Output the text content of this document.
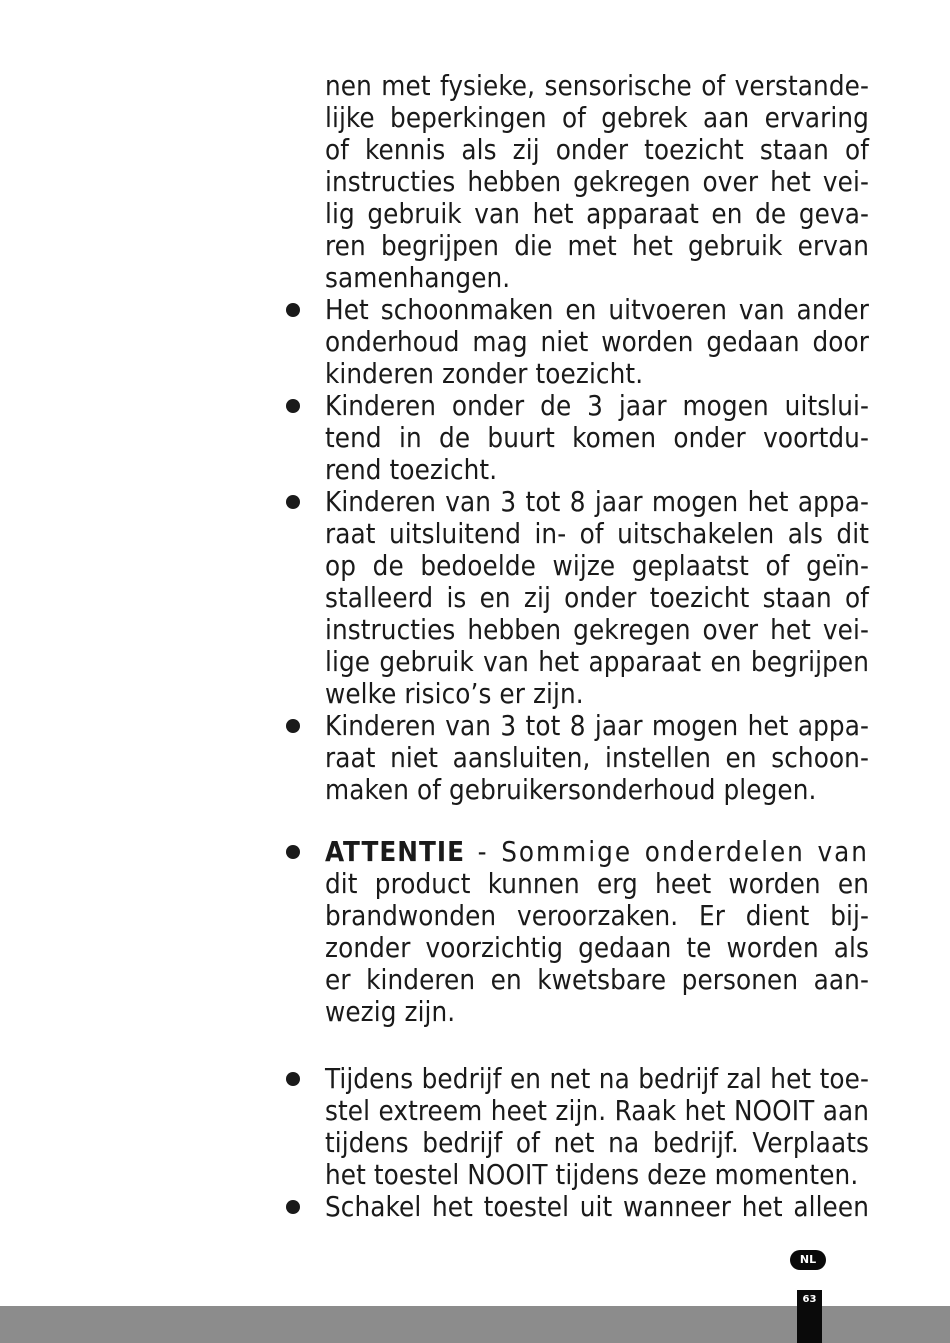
nen met fysieke, sensorische of verstande-
lijke beperkingen of gebrek aan ervaring
of kennis als zij onder toezicht staan of
instructies hebben gekregen over het vei-
lig gebruik van het apparaat en de geva-
ren begrijpen die met het gebruik ervan
samenhangen.
Het schoonmaken en uitvoeren van ander
onderhoud mag niet worden gedaan door
kinderen zonder toezicht.
Kinderen onder de 3 jaar mogen uitslui-
tend in de buurt komen onder voortdu-
rend toezicht.
Kinderen van 3 tot 8 jaar mogen het appa-
raat uitsluitend in- of uitschakelen als dit
op de bedoelde wijze geplaatst of geïn-
stalleerd is en zij onder toezicht staan of
instructies hebben gekregen over het vei-
lige gebruik van het apparaat en begrijpen
welke risico’s er zijn.
Kinderen van 3 tot 8 jaar mogen het appa-
raat niet aansluiten, instellen en schoon-
maken of gebruikersonderhoud plegen.
ATTENTIE - Sommige onderdelen van
dit product kunnen erg heet worden en
brandwonden veroorzaken. Er dient bij-
zonder voorzichtig gedaan te worden als
er kinderen en kwetsbare personen aan-
wezig zijn.
Tijdens bedrijf en net na bedrijf zal het toe-
stel extreem heet zijn. Raak het NOOIT aan
tijdens bedrijf of net na bedrijf. Verplaats
het toestel NOOIT tijdens deze momenten.
Schakel het toestel uit wanneer het alleen
NL
63
